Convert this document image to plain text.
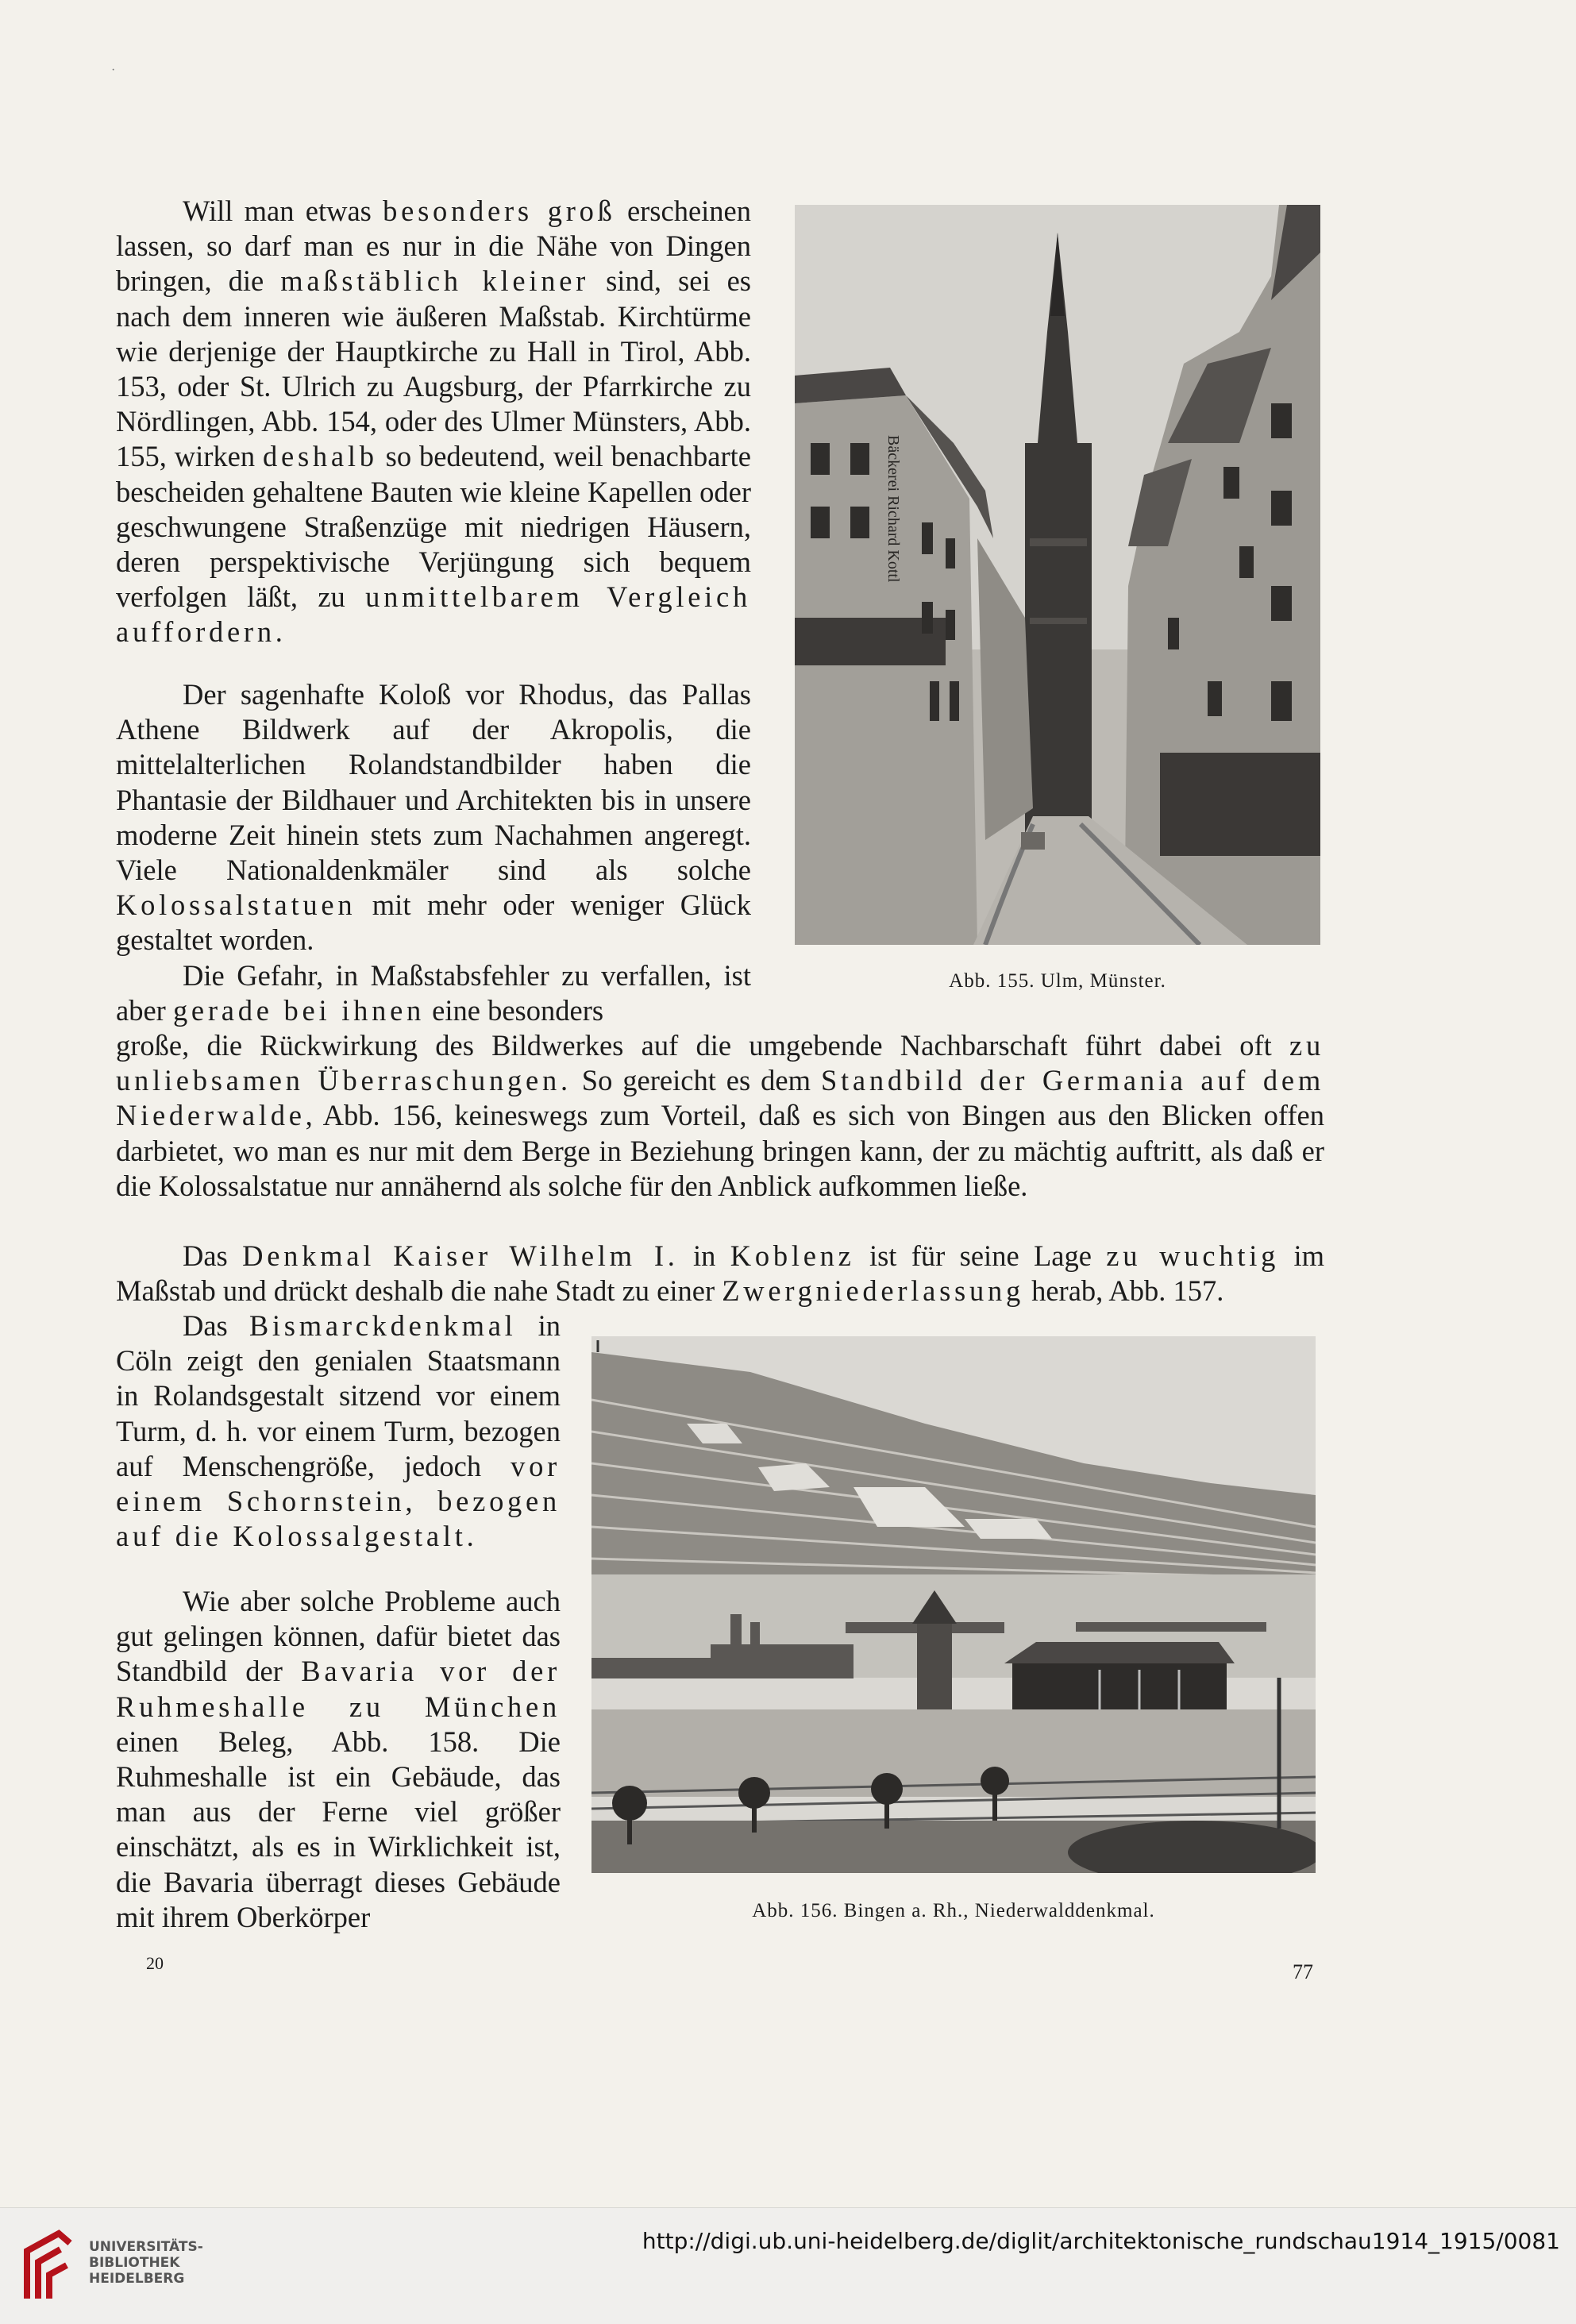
·

Will man etwas besonders groß erscheinen lassen, so darf man es nur in die Nähe von Dingen bringen, die maßstäblich kleiner sind, sei es nach dem inneren wie äußeren Maßstab. Kirchtürme wie derjenige der Hauptkirche zu Hall in Tirol, Abb. 153, oder St. Ulrich zu Augsburg, der Pfarrkirche zu Nördlingen, Abb. 154, oder des Ulmer Münsters, Abb. 155, wirken deshalb so bedeutend, weil benachbarte bescheiden gehaltene Bauten wie kleine Kapellen oder geschwungene Straßenzüge mit niedrigen Häusern, deren perspektivische Verjüngung sich bequem verfolgen läßt, zu unmittelbarem Vergleich auffordern.

Der sagenhafte Koloß vor Rhodus, das Pallas Athene Bildwerk auf der Akropolis, die mittelalterlichen Rolandstandbilder haben die Phantasie der Bildhauer und Architekten bis in unsere moderne Zeit hinein stets zum Nachahmen angeregt. Viele Nationaldenkmäler sind als solche Kolossalstatuen mit mehr oder weniger Glück gestaltet worden.

Die Gefahr, in Maßstabsfehler zu verfallen, ist aber gerade bei ihnen eine besonders

große, die Rückwirkung des Bildwerkes auf die umgebende Nachbarschaft führt dabei oft zu unliebsamen Überraschungen. So gereicht es dem Standbild der Germania auf dem Niederwalde, Abb. 156, keineswegs zum Vorteil, daß es sich von Bingen aus den Blicken offen darbietet, wo man es nur mit dem Berge in Beziehung bringen kann, der zu mächtig auftritt, als daß er die Kolossalstatue nur annähernd als solche für den Anblick aufkommen ließe.

Das Denkmal Kaiser Wilhelm I. in Koblenz ist für seine Lage zu wuchtig im Maßstab und drückt deshalb die nahe Stadt zu einer Zwergniederlassung herab, Abb. 157.

Das Bismarckdenkmal in Cöln zeigt den genialen Staatsmann in Rolandsgestalt sitzend vor einem Turm, d. h. vor einem Turm, bezogen auf Menschengröße, jedoch vor einem Schornstein, bezogen auf die Kolossalgestalt.

Wie aber solche Probleme auch gut gelingen können, dafür bietet das Standbild der Bavaria vor der Ruhmeshalle zu München einen Beleg, Abb. 158. Die Ruhmeshalle ist ein Gebäude, das man aus der Ferne viel größer einschätzt, als es in Wirklichkeit ist, die Bavaria überragt dieses Gebäude mit ihrem Oberkörper

Bäckerei Richard Kottl
Abb. 155. Ulm, Münster.
Abb. 156. Bingen a. Rh., Niederwalddenkmal.
20	77
UNIVERSITÄTS-
BIBLIOTHEK
HEIDELBERG
http://digi.ub.uni-heidelberg.de/diglit/architektonische_rundschau1914_1915/0081
